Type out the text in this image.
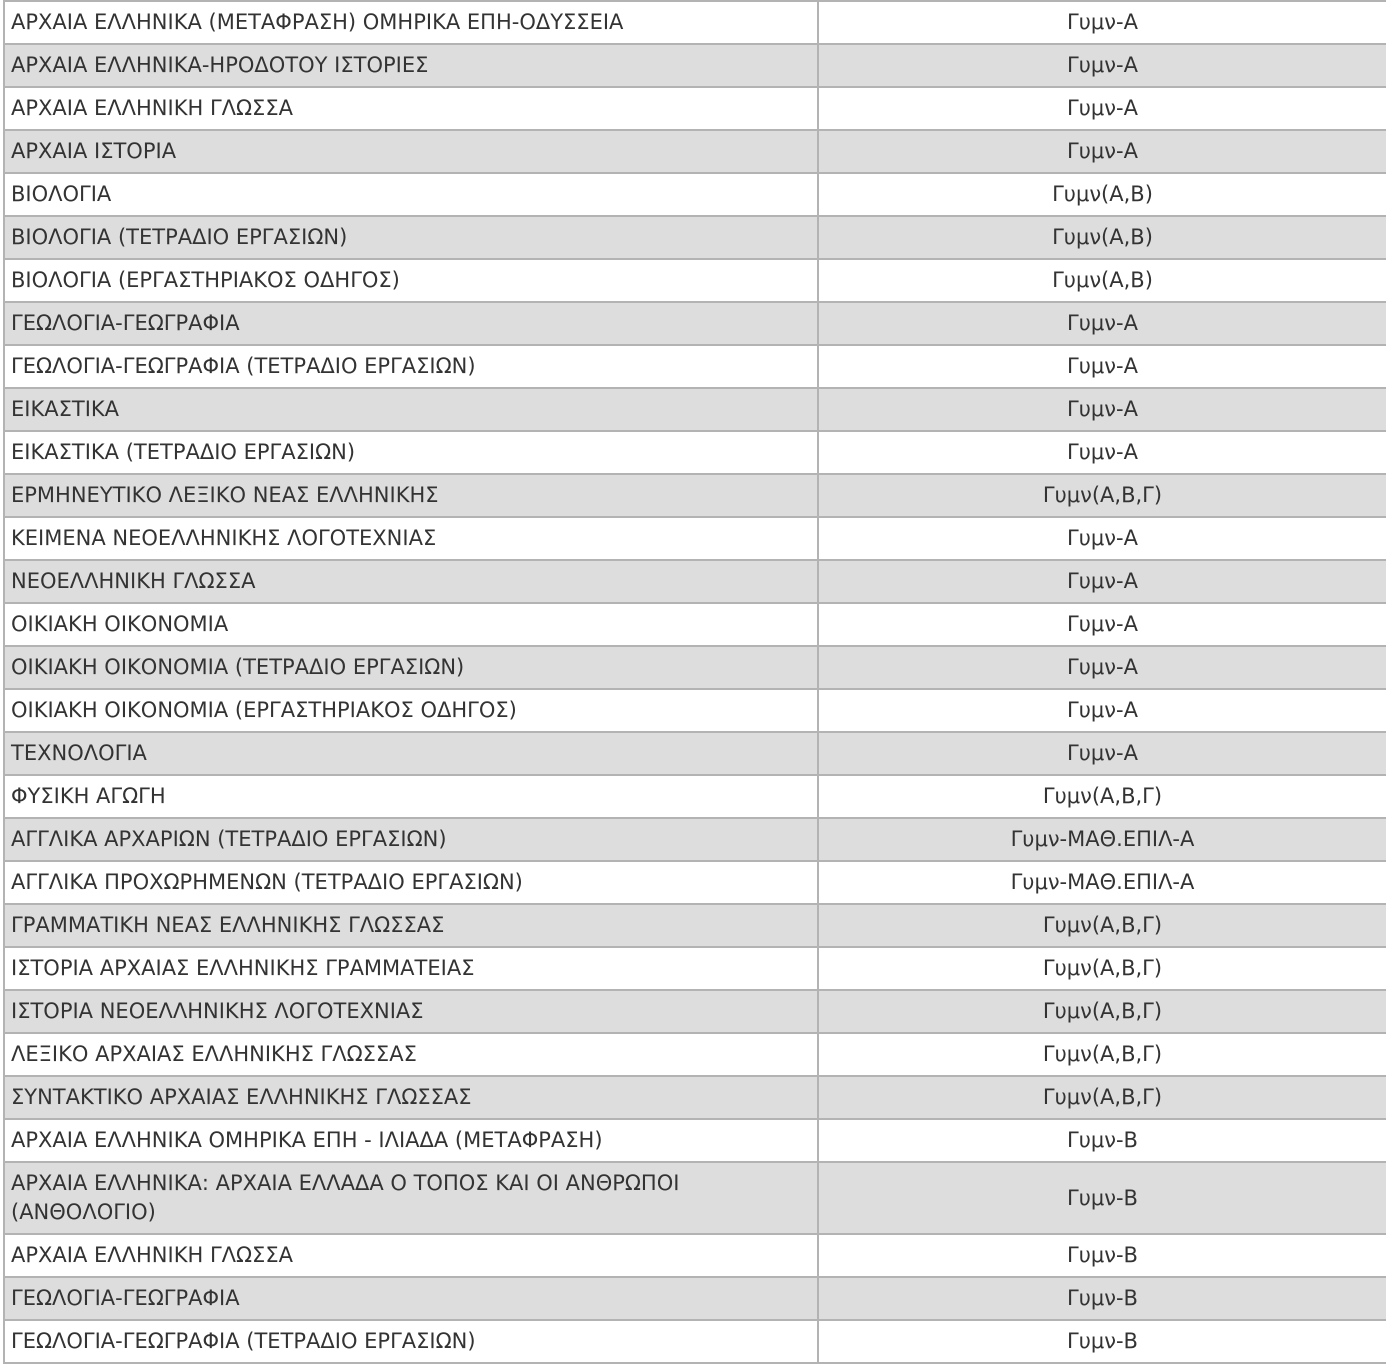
ΑΡΧΑΙΑ ΕΛΛΗΝΙΚΑ (ΜΕΤΑΦΡΑΣΗ) ΟΜΗΡΙΚΑ ΕΠΗ-ΟΔΥΣΣΕΙΑ	Γυμν-Α
ΑΡΧΑΙΑ ΕΛΛΗΝΙΚΑ-ΗΡΟΔΟΤΟΥ ΙΣΤΟΡΙΕΣ	Γυμν-Α
ΑΡΧΑΙΑ ΕΛΛΗΝΙΚΗ ΓΛΩΣΣΑ	Γυμν-Α
ΑΡΧΑΙΑ ΙΣΤΟΡΙΑ	Γυμν-Α
ΒΙΟΛΟΓΙΑ	Γυμν(Α,Β)
ΒΙΟΛΟΓΙΑ (ΤΕΤΡΑΔΙΟ ΕΡΓΑΣΙΩΝ)	Γυμν(Α,Β)
ΒΙΟΛΟΓΙΑ (ΕΡΓΑΣΤΗΡΙΑΚΟΣ ΟΔΗΓΟΣ)	Γυμν(Α,Β)
ΓΕΩΛΟΓΙΑ-ΓΕΩΓΡΑΦΙΑ	Γυμν-Α
ΓΕΩΛΟΓΙΑ-ΓΕΩΓΡΑΦΙΑ (ΤΕΤΡΑΔΙΟ ΕΡΓΑΣΙΩΝ)	Γυμν-Α
ΕΙΚΑΣΤΙΚΑ	Γυμν-Α
ΕΙΚΑΣΤΙΚΑ (ΤΕΤΡΑΔΙΟ ΕΡΓΑΣΙΩΝ)	Γυμν-Α
ΕΡΜΗΝΕΥΤΙΚΟ ΛΕΞΙΚΟ ΝΕΑΣ ΕΛΛΗΝΙΚΗΣ	Γυμν(Α,Β,Γ)
ΚΕΙΜΕΝΑ ΝΕΟΕΛΛΗΝΙΚΗΣ ΛΟΓΟΤΕΧΝΙΑΣ	Γυμν-Α
ΝΕΟΕΛΛΗΝΙΚΗ ΓΛΩΣΣΑ	Γυμν-Α
ΟΙΚΙΑΚΗ ΟΙΚΟΝΟΜΙΑ	Γυμν-Α
ΟΙΚΙΑΚΗ ΟΙΚΟΝΟΜΙΑ (ΤΕΤΡΑΔΙΟ ΕΡΓΑΣΙΩΝ)	Γυμν-Α
ΟΙΚΙΑΚΗ ΟΙΚΟΝΟΜΙΑ (ΕΡΓΑΣΤΗΡΙΑΚΟΣ ΟΔΗΓΟΣ)	Γυμν-Α
ΤΕΧΝΟΛΟΓΙΑ	Γυμν-Α
ΦΥΣΙΚΗ ΑΓΩΓΗ	Γυμν(Α,Β,Γ)
ΑΓΓΛΙΚΑ ΑΡΧΑΡΙΩΝ (ΤΕΤΡΑΔΙΟ ΕΡΓΑΣΙΩΝ)	Γυμν-ΜΑΘ.ΕΠΙΛ-Α
ΑΓΓΛΙΚΑ ΠΡΟΧΩΡΗΜΕΝΩΝ (ΤΕΤΡΑΔΙΟ ΕΡΓΑΣΙΩΝ)	Γυμν-ΜΑΘ.ΕΠΙΛ-Α
ΓΡΑΜΜΑΤΙΚΗ ΝΕΑΣ ΕΛΛΗΝΙΚΗΣ ΓΛΩΣΣΑΣ	Γυμν(Α,Β,Γ)
ΙΣΤΟΡΙΑ ΑΡΧΑΙΑΣ ΕΛΛΗΝΙΚΗΣ ΓΡΑΜΜΑΤΕΙΑΣ	Γυμν(Α,Β,Γ)
ΙΣΤΟΡΙΑ ΝΕΟΕΛΛΗΝΙΚΗΣ ΛΟΓΟΤΕΧΝΙΑΣ	Γυμν(Α,Β,Γ)
ΛΕΞΙΚΟ ΑΡΧΑΙΑΣ ΕΛΛΗΝΙΚΗΣ ΓΛΩΣΣΑΣ	Γυμν(Α,Β,Γ)
ΣΥΝΤΑΚΤΙΚΟ ΑΡΧΑΙΑΣ ΕΛΛΗΝΙΚΗΣ ΓΛΩΣΣΑΣ	Γυμν(Α,Β,Γ)
ΑΡΧΑΙΑ ΕΛΛΗΝΙΚΑ ΟΜΗΡΙΚΑ ΕΠΗ - ΙΛΙΑΔΑ (ΜΕΤΑΦΡΑΣΗ)	Γυμν-Β
ΑΡΧΑΙΑ ΕΛΛΗΝΙΚΑ: ΑΡΧΑΙΑ ΕΛΛΑΔΑ Ο ΤΟΠΟΣ ΚΑΙ ΟΙ ΑΝΘΡΩΠΟΙ (ΑΝΘΟΛΟΓΙΟ)	Γυμν-Β
ΑΡΧΑΙΑ ΕΛΛΗΝΙΚΗ ΓΛΩΣΣΑ	Γυμν-Β
ΓΕΩΛΟΓΙΑ-ΓΕΩΓΡΑΦΙΑ	Γυμν-Β
ΓΕΩΛΟΓΙΑ-ΓΕΩΓΡΑΦΙΑ (ΤΕΤΡΑΔΙΟ ΕΡΓΑΣΙΩΝ)	Γυμν-Β
